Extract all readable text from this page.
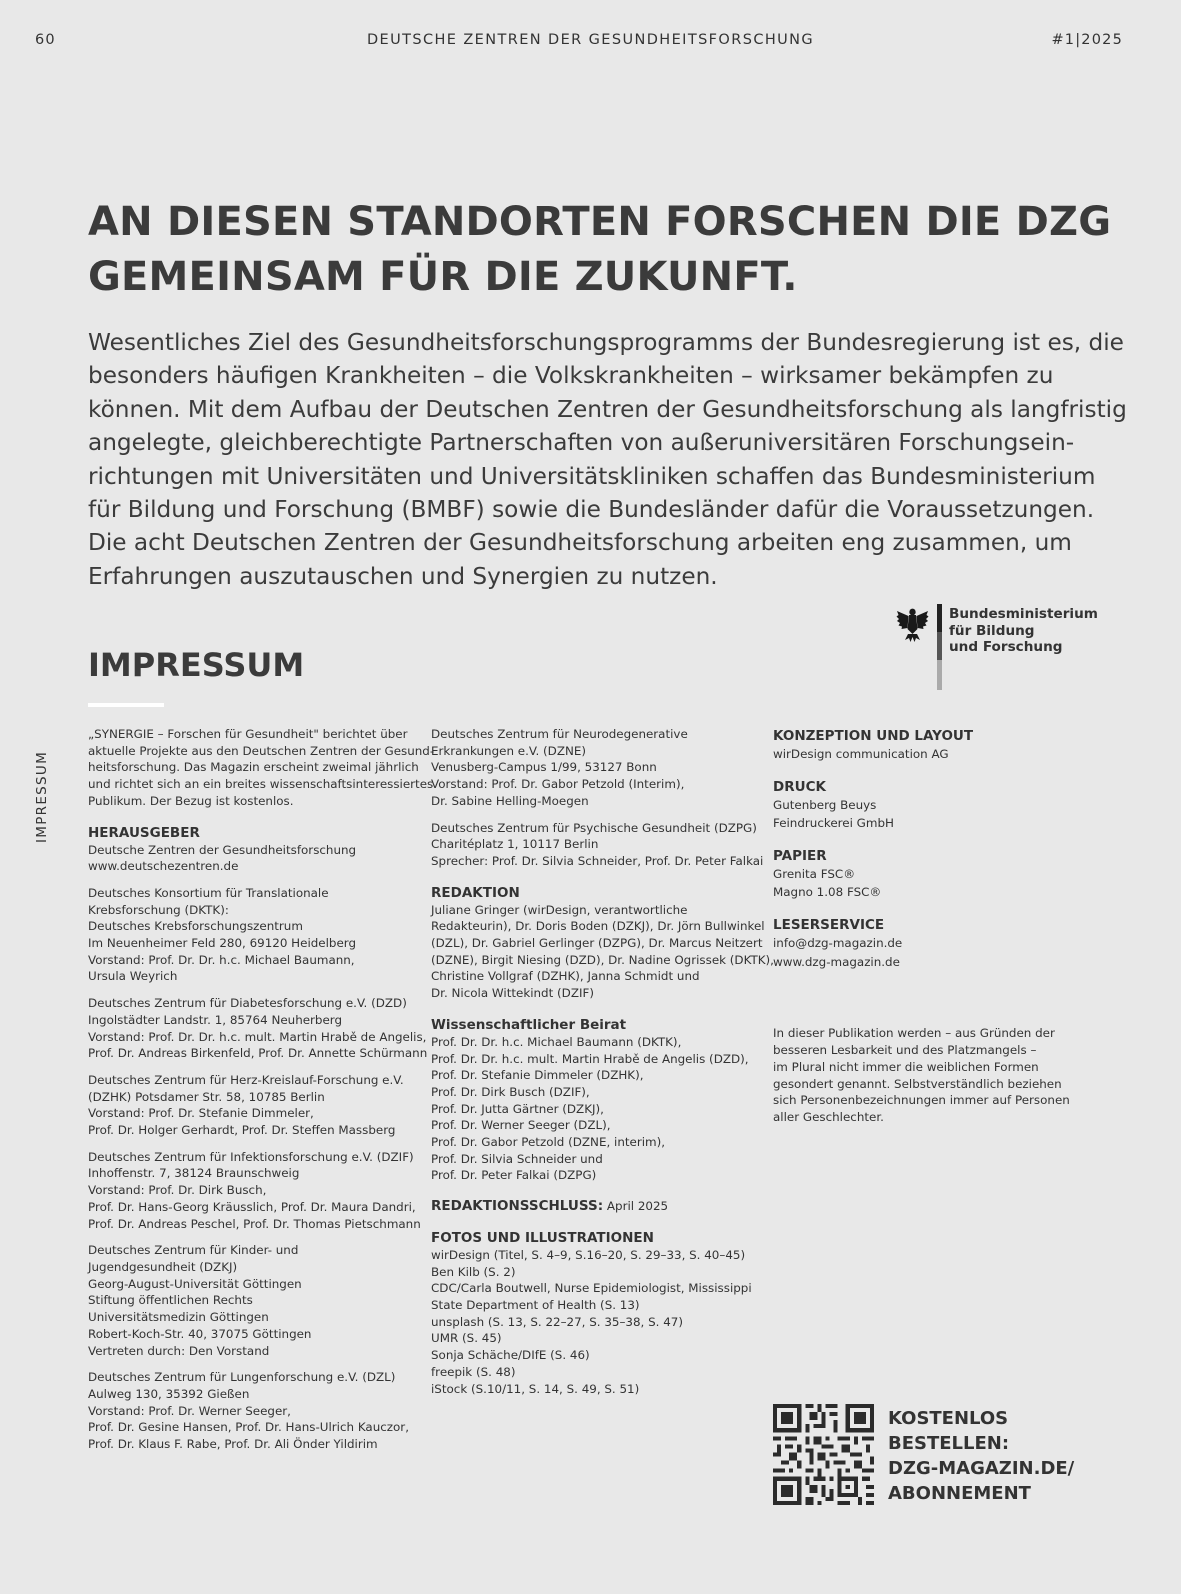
60	DEUTSCHE ZENTREN DER GESUNDHEITSFORSCHUNG	#1|2025
AN DIESEN STANDORTEN FORSCHEN DIE DZG
GEMEINSAM FÜR DIE ZUKUNFT.
Wesentliches Ziel des Gesundheitsforschungsprogramms der Bundesregierung ist es, die
besonders häufigen Krankheiten – die Volkskrankheiten – wirksamer bekämpfen zu
können. Mit dem Aufbau der Deutschen Zentren der Gesundheitsforschung als langfristig
angelegte, gleichberechtigte Partnerschaften von außeruniversitären Forschungsein-
richtungen mit Universitäten und Universitätskliniken schaffen das Bundesministerium
für Bildung und Forschung (BMBF) sowie die Bundesländer dafür die Voraussetzungen.
Die acht Deutschen Zentren der Gesundheitsforschung arbeiten eng zusammen, um
Erfahrungen auszutauschen und Synergien zu nutzen.
Bundesministerium
für Bildung
und Forschung
IMPRESSUM
IMPRESSUM
„SYNERGIE – Forschen für Gesundheit" berichtet über
aktuelle Projekte aus den Deutschen Zentren der Gesund-
heitsforschung. Das Magazin erscheint zweimal jährlich
und richtet sich an ein breites wissenschaftsinteressiertes
Publikum. Der Bezug ist kostenlos.
HERAUSGEBER
Deutsche Zentren der Gesundheitsforschung
www.deutschezentren.de
Deutsches Konsortium für Translationale
Krebsforschung (DKTK):
Deutsches Krebsforschungszentrum
Im Neuenheimer Feld 280, 69120 Heidelberg
Vorstand: Prof. Dr. Dr. h.c. Michael Baumann,
Ursula Weyrich
Deutsches Zentrum für Diabetesforschung e.V. (DZD)
Ingolstädter Landstr. 1, 85764 Neuherberg
Vorstand: Prof. Dr. Dr. h.c. mult. Martin Hrabě de Angelis,
Prof. Dr. Andreas Birkenfeld, Prof. Dr. Annette Schürmann
Deutsches Zentrum für Herz-Kreislauf-Forschung e.V.
(DZHK) Potsdamer Str. 58, 10785 Berlin
Vorstand: Prof. Dr. Stefanie Dimmeler,
Prof. Dr. Holger Gerhardt, Prof. Dr. Steffen Massberg
Deutsches Zentrum für Infektionsforschung e.V. (DZIF)
Inhoffenstr. 7, 38124 Braunschweig
Vorstand: Prof. Dr. Dirk Busch,
Prof. Dr. Hans-Georg Kräusslich, Prof. Dr. Maura Dandri,
Prof. Dr. Andreas Peschel, Prof. Dr. Thomas Pietschmann
Deutsches Zentrum für Kinder- und
Jugendgesundheit (DZKJ)
Georg-August-Universität Göttingen
Stiftung öffentlichen Rechts
Universitätsmedizin Göttingen
Robert-Koch-Str. 40, 37075 Göttingen
Vertreten durch: Den Vorstand
Deutsches Zentrum für Lungenforschung e.V. (DZL)
Aulweg 130, 35392 Gießen
Vorstand: Prof. Dr. Werner Seeger,
Prof. Dr. Gesine Hansen, Prof. Dr. Hans-Ulrich Kauczor,
Prof. Dr. Klaus F. Rabe, Prof. Dr. Ali Önder Yildirim
Deutsches Zentrum für Neurodegenerative
Erkrankungen e.V. (DZNE)
Venusberg-Campus 1/99, 53127 Bonn
Vorstand: Prof. Dr. Gabor Petzold (Interim),
Dr. Sabine Helling-Moegen
Deutsches Zentrum für Psychische Gesundheit (DZPG)
Charitéplatz 1, 10117 Berlin
Sprecher: Prof. Dr. Silvia Schneider, Prof. Dr. Peter Falkai
REDAKTION
Juliane Gringer (wirDesign, verantwortliche
Redakteurin), Dr. Doris Boden (DZKJ), Dr. Jörn Bullwinkel
(DZL), Dr. Gabriel Gerlinger (DZPG), Dr. Marcus Neitzert
(DZNE), Birgit Niesing (DZD), Dr. Nadine Ogrissek (DKTK),
Christine Vollgraf (DZHK), Janna Schmidt und
Dr. Nicola Wittekindt (DZIF)
Wissenschaftlicher Beirat
Prof. Dr. Dr. h.c. Michael Baumann (DKTK),
Prof. Dr. Dr. h.c. mult. Martin Hrabě de Angelis (DZD),
Prof. Dr. Stefanie Dimmeler (DZHK),
Prof. Dr. Dirk Busch (DZIF),
Prof. Dr. Jutta Gärtner (DZKJ),
Prof. Dr. Werner Seeger (DZL),
Prof. Dr. Gabor Petzold (DZNE, interim),
Prof. Dr. Silvia Schneider und
Prof. Dr. Peter Falkai (DZPG)
REDAKTIONSSCHLUSS: April 2025
FOTOS UND ILLUSTRATIONEN
wirDesign (Titel, S. 4–9, S.16–20, S. 29–33, S. 40–45)
Ben Kilb (S. 2)
CDC/Carla Boutwell, Nurse Epidemiologist, Mississippi
State Department of Health (S. 13)
unsplash (S. 13, S. 22–27, S. 35–38, S. 47)
UMR (S. 45)
Sonja Schäche/DIfE (S. 46)
freepik (S. 48)
iStock (S.10/11, S. 14, S. 49, S. 51)
KONZEPTION UND LAYOUT
wirDesign communication AG
DRUCK
Gutenberg Beuys
Feindruckerei GmbH
PAPIER
Grenita FSC®
Magno 1.08 FSC®
LESERSERVICE
info@dzg-magazin.de
www.dzg-magazin.de
In dieser Publikation werden – aus Gründen der
besseren Lesbarkeit und des Platzmangels –
im Plural nicht immer die weiblichen Formen
gesondert genannt. Selbstverständlich beziehen
sich Personenbezeichnungen immer auf Personen
aller Geschlechter.
KOSTENLOS
BESTELLEN:
DZG-MAGAZIN.DE/
ABONNEMENT
